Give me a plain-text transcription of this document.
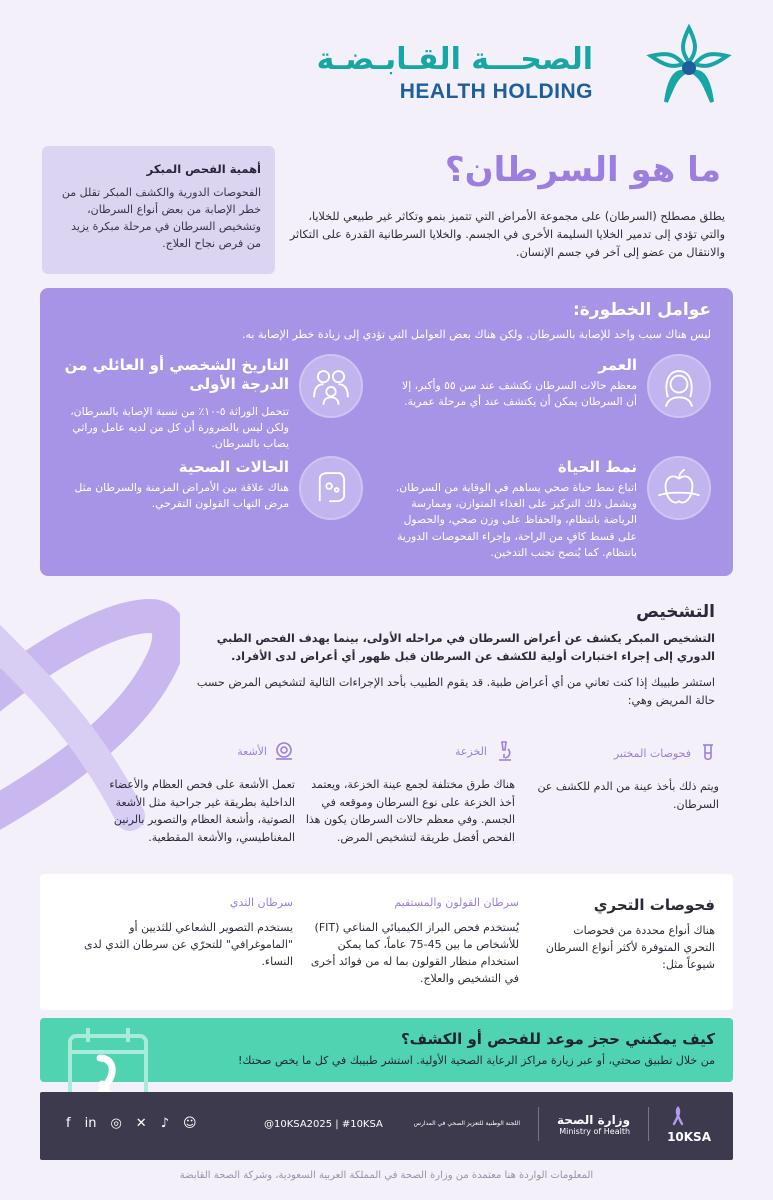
الصحـــة القـابـضـة
HEALTH HOLDING
أهمية الفحص المبكر

الفحوصات الدورية والكشف المبكر تقلل من خطر الإصابة من بعض أنواع السرطان، وتشخيص السرطان في مرحلة مبكرة يزيد من فرص نجاح العلاج.

ما هو السرطان؟

يطلق مصطلح (السرطان) على مجموعة الأمراض التي تتميز بنمو وتكاثر غير طبيعي للخلايا، والتي تؤدي إلى تدمير الخلايا السليمة الأخرى في الجسم. والخلايا السرطانية القدرة على التكاثر والانتقال من عضو إلى آخر في جسم الإنسان.

عوامل الخطورة:
ليس هناك سبب واحد للإصابة بالسرطان. ولكن هناك بعض العوامل التي تؤدي إلى زيادة خطر الإصابة به.
العمر

معظم حالات السرطان تكتشف عند سن ٥٥ وأكبر، إلا أن السرطان يمكن أن يكتشف عند أي مرحلة عمرية.

التاريخ الشخصي أو العائلي من الدرجة الأولى

تتحمل الوراثة ٥-١٠٪ من نسبة الإصابة بالسرطان، ولكن ليس بالضرورة أن كل من لديه عامل وراثي يصاب بالسرطان.

نمط الحياة

اتباع نمط حياة صحي يساهم في الوقاية من السرطان. ويشمل ذلك التركيز على الغذاء المتوازن، وممارسة الرياضة بانتظام، والحفاظ على وزن صحي، والحصول على قسط كافٍ من الراحة، وإجراء الفحوصات الدورية بانتظام. كما يُنصح تجنب التدخين.

الحالات الصحية

هناك علاقة بين الأمراض المزمنة والسرطان مثل مرض التهاب القولون التقرحي.

التشخيص

التشخيص المبكر يكشف عن أعراض السرطان في مراحله الأولى، بينما يهدف الفحص الطبي الدوري إلى إجراء اختبارات أولية للكشف عن السرطان قبل ظهور أي أعراض لدى الأفراد.

استشر طبيبك إذا كنت تعاني من أي أعراض طبية. قد يقوم الطبيب بأحد الإجراءات التالية لتشخيص المرض حسب حالة المريض وهي:

فحوصات المختبر

ويتم ذلك بأخذ عينة من الدم للكشف عن السرطان.

الخزعة

هناك طرق مختلفة لجمع عينة الخزعة، ويعتمد أخذ الخزعة على نوع السرطان وموقعه في الجسم. وفي معظم حالات السرطان يكون هذا الفحص أفضل طريقة لتشخيص المرض.

الأشعة

تعمل الأشعة على فحص العظام والأعضاء الداخلية بطريقة غير جراحية مثل الأشعة الصوتية، وأشعة العظام والتصوير بالرنين المغناطيسي، والأشعة المقطعية.

فحوصات التحري

هناك أنواع محددة من فحوصات التحري المتوفرة لأكثر أنواع السرطان شيوعاً مثل:

سرطان القولون والمستقيم

يُستخدم فحص البراز الكيميائي المناعي (FIT) للأشخاص ما بين 45-75 عاماً، كما يمكن استخدام منظار القولون بما له من فوائد أخرى في التشخيص والعلاج.

سرطان الثدي

يستخدم التصوير الشعاعي للثديين أو "الماموغرافي" للتحرّي عن سرطان الثدي لدى النساء.

كيف يمكنني حجز موعد للفحص أو الكشف؟

من خلال تطبيق صحتي، أو عبر زيارة مراكز الرعاية الصحية الأولية. استشر طبيبك في كل ما يخص صحتك!

f in ◎ ✕ ♪ ☺	@10KSA2025 | #10KSA	اللجنة الوطنية للتعزيز الصحي في المدارس	وزارة الصحة
Ministry of Health	10KSA
المعلومات الواردة هنا معتمدة من وزارة الصحة في المملكة العربية السعودية، وشركة الصحة القابضة
